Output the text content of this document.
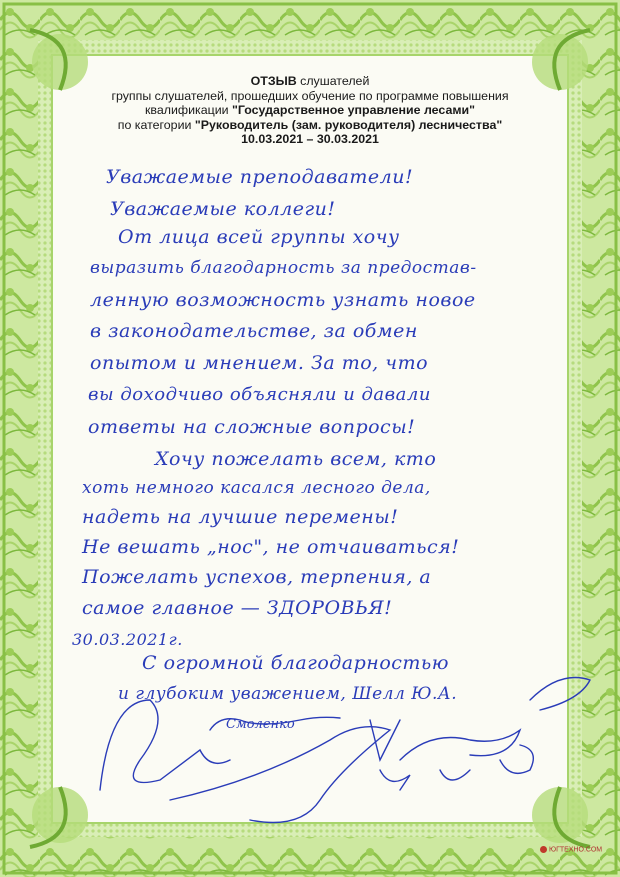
ОТЗЫВ слушателей
группы слушателей, прошедших обучение по программе повышения
квалификации "Государственное управление лесами"
по категории "Руководитель (зам. руководителя) лесничества"
10.03.2021 – 30.03.2021
Уважаемые преподаватели!
Уважаемые коллеги!
От лица всей группы хочу
выразить благодарность за предостав-
ленную возможность узнать новое
в законодательстве, за обмен
опытом и мнением. За то, что
вы доходчиво объясняли и давали
ответы на сложные вопросы!
Хочу пожелать всем, кто
хоть немного касался лесного дела,
надеть на лучшие перемены!
Не вешать „нос", не отчаиваться!
Пожелать успехов, терпения, а
самое главное — ЗДОРОВЬЯ!
30.03.2021г.
С огромной благодарностью
и глубоким уважением, Шелл Ю.А.
Смоленко
ЮГТЕХНО.СОМ
